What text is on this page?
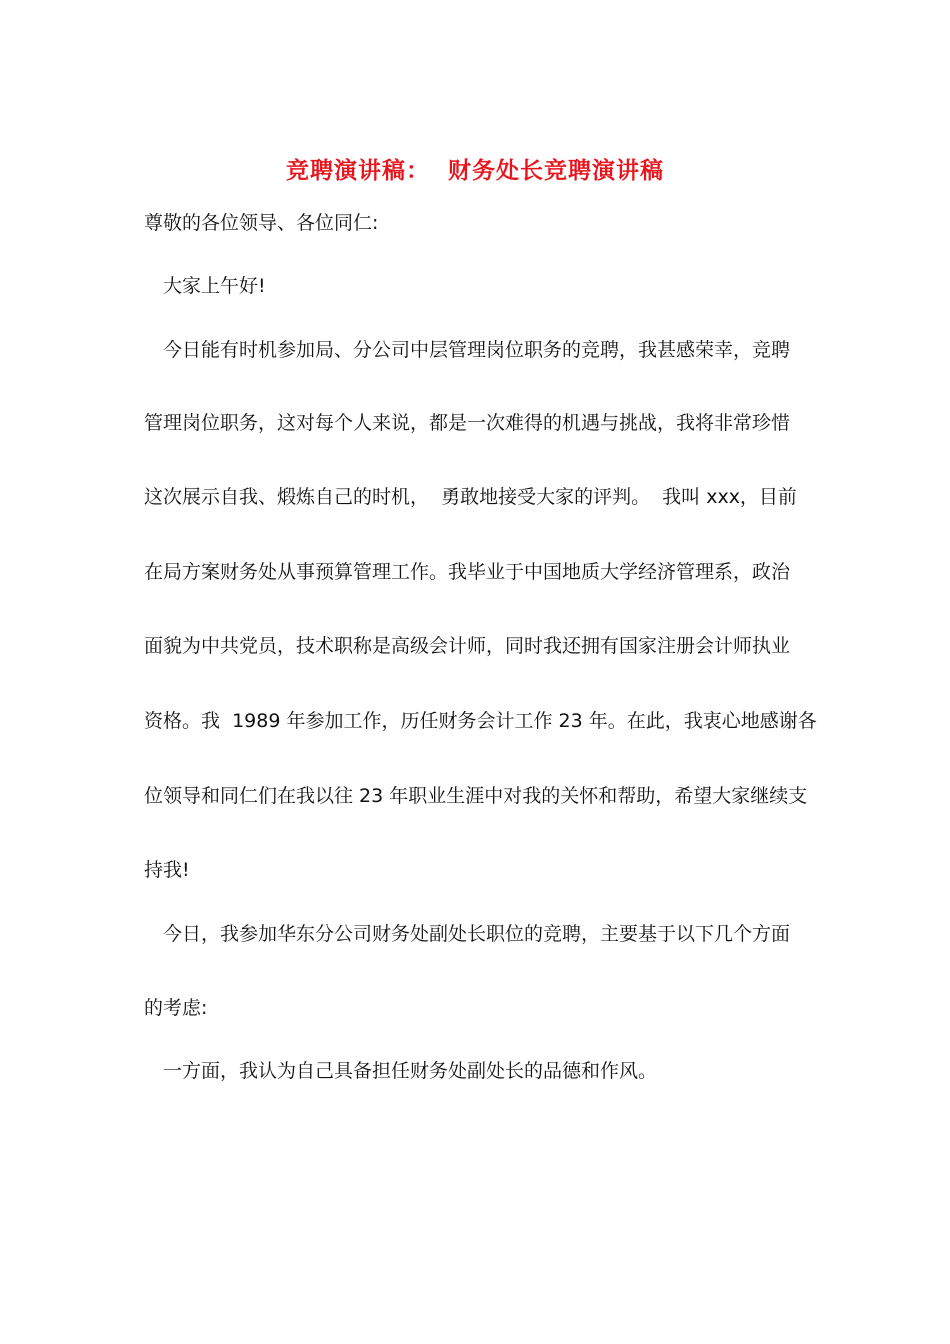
竞聘演讲稿：  财务处长竞聘演讲稿
尊敬的各位领导、各位同仁:
大家上午好!
今日能有时机参加局、分公司中层管理岗位职务的竞聘，我甚感荣幸，竞聘
管理岗位职务，这对每个人来说，都是一次难得的机遇与挑战，我将非常珍惜
这次展示自我、煅炼自己的时机，  勇敢地接受大家的评判。  我叫 xxx，目前
在局方案财务处从事预算管理工作。我毕业于中国地质大学经济管理系，政治
面貌为中共党员，技术职称是高级会计师，同时我还拥有国家注册会计师执业
资格。我  1989 年参加工作，历任财务会计工作 23 年。在此，我衷心地感谢各
位领导和同仁们在我以往 23 年职业生涯中对我的关怀和帮助，希望大家继续支
持我!
今日，我参加华东分公司财务处副处长职位的竞聘，主要基于以下几个方面
的考虑:
一方面，我认为自己具备担任财务处副处长的品德和作风。
